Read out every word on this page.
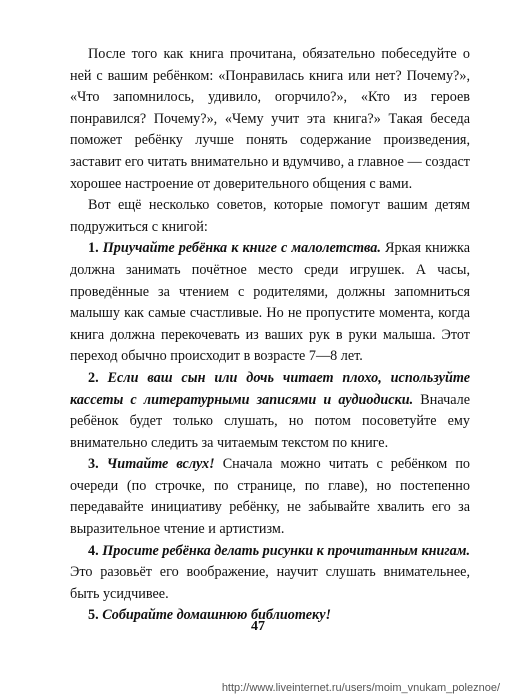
После того как книга прочитана, обязательно побеседуйте о ней с вашим ребёнком: «Понравилась книга или нет? Почему?», «Что запомнилось, удивило, огорчило?», «Кто из героев понравился? Почему?», «Чему учит эта книга?» Такая беседа поможет ребёнку лучше понять содержание произведения, заставит его читать внимательно и вдумчиво, а главное — создаст хорошее настроение от доверительного общения с вами.

Вот ещё несколько советов, которые помогут вашим детям подружиться с книгой:

1. Приучайте ребёнка к книге с малолетства. Яркая книжка должна занимать почётное место среди игрушек. А часы, проведённые за чтением с родителями, должны запомниться малышу как самые счастливые. Но не пропустите момента, когда книга должна перекочевать из ваших рук в руки малыша. Этот переход обычно происходит в возрасте 7—8 лет.

2. Если ваш сын или дочь читает плохо, используйте кассеты с литературными записями и аудиодиски. Вначале ребёнок будет только слушать, но потом посоветуйте ему внимательно следить за читаемым текстом по книге.

3. Читайте вслух! Сначала можно читать с ребёнком по очереди (по строчке, по странице, по главе), но постепенно передавайте инициативу ребёнку, не забывайте хвалить его за выразительное чтение и артистизм.

4. Просите ребёнка делать рисунки к прочитанным книгам. Это разовьёт его воображение, научит слушать внимательнее, быть усидчивее.

5. Собирайте домашнюю библиотеку!

47
http://www.liveinternet.ru/users/moim_vnukam_poleznoe/
